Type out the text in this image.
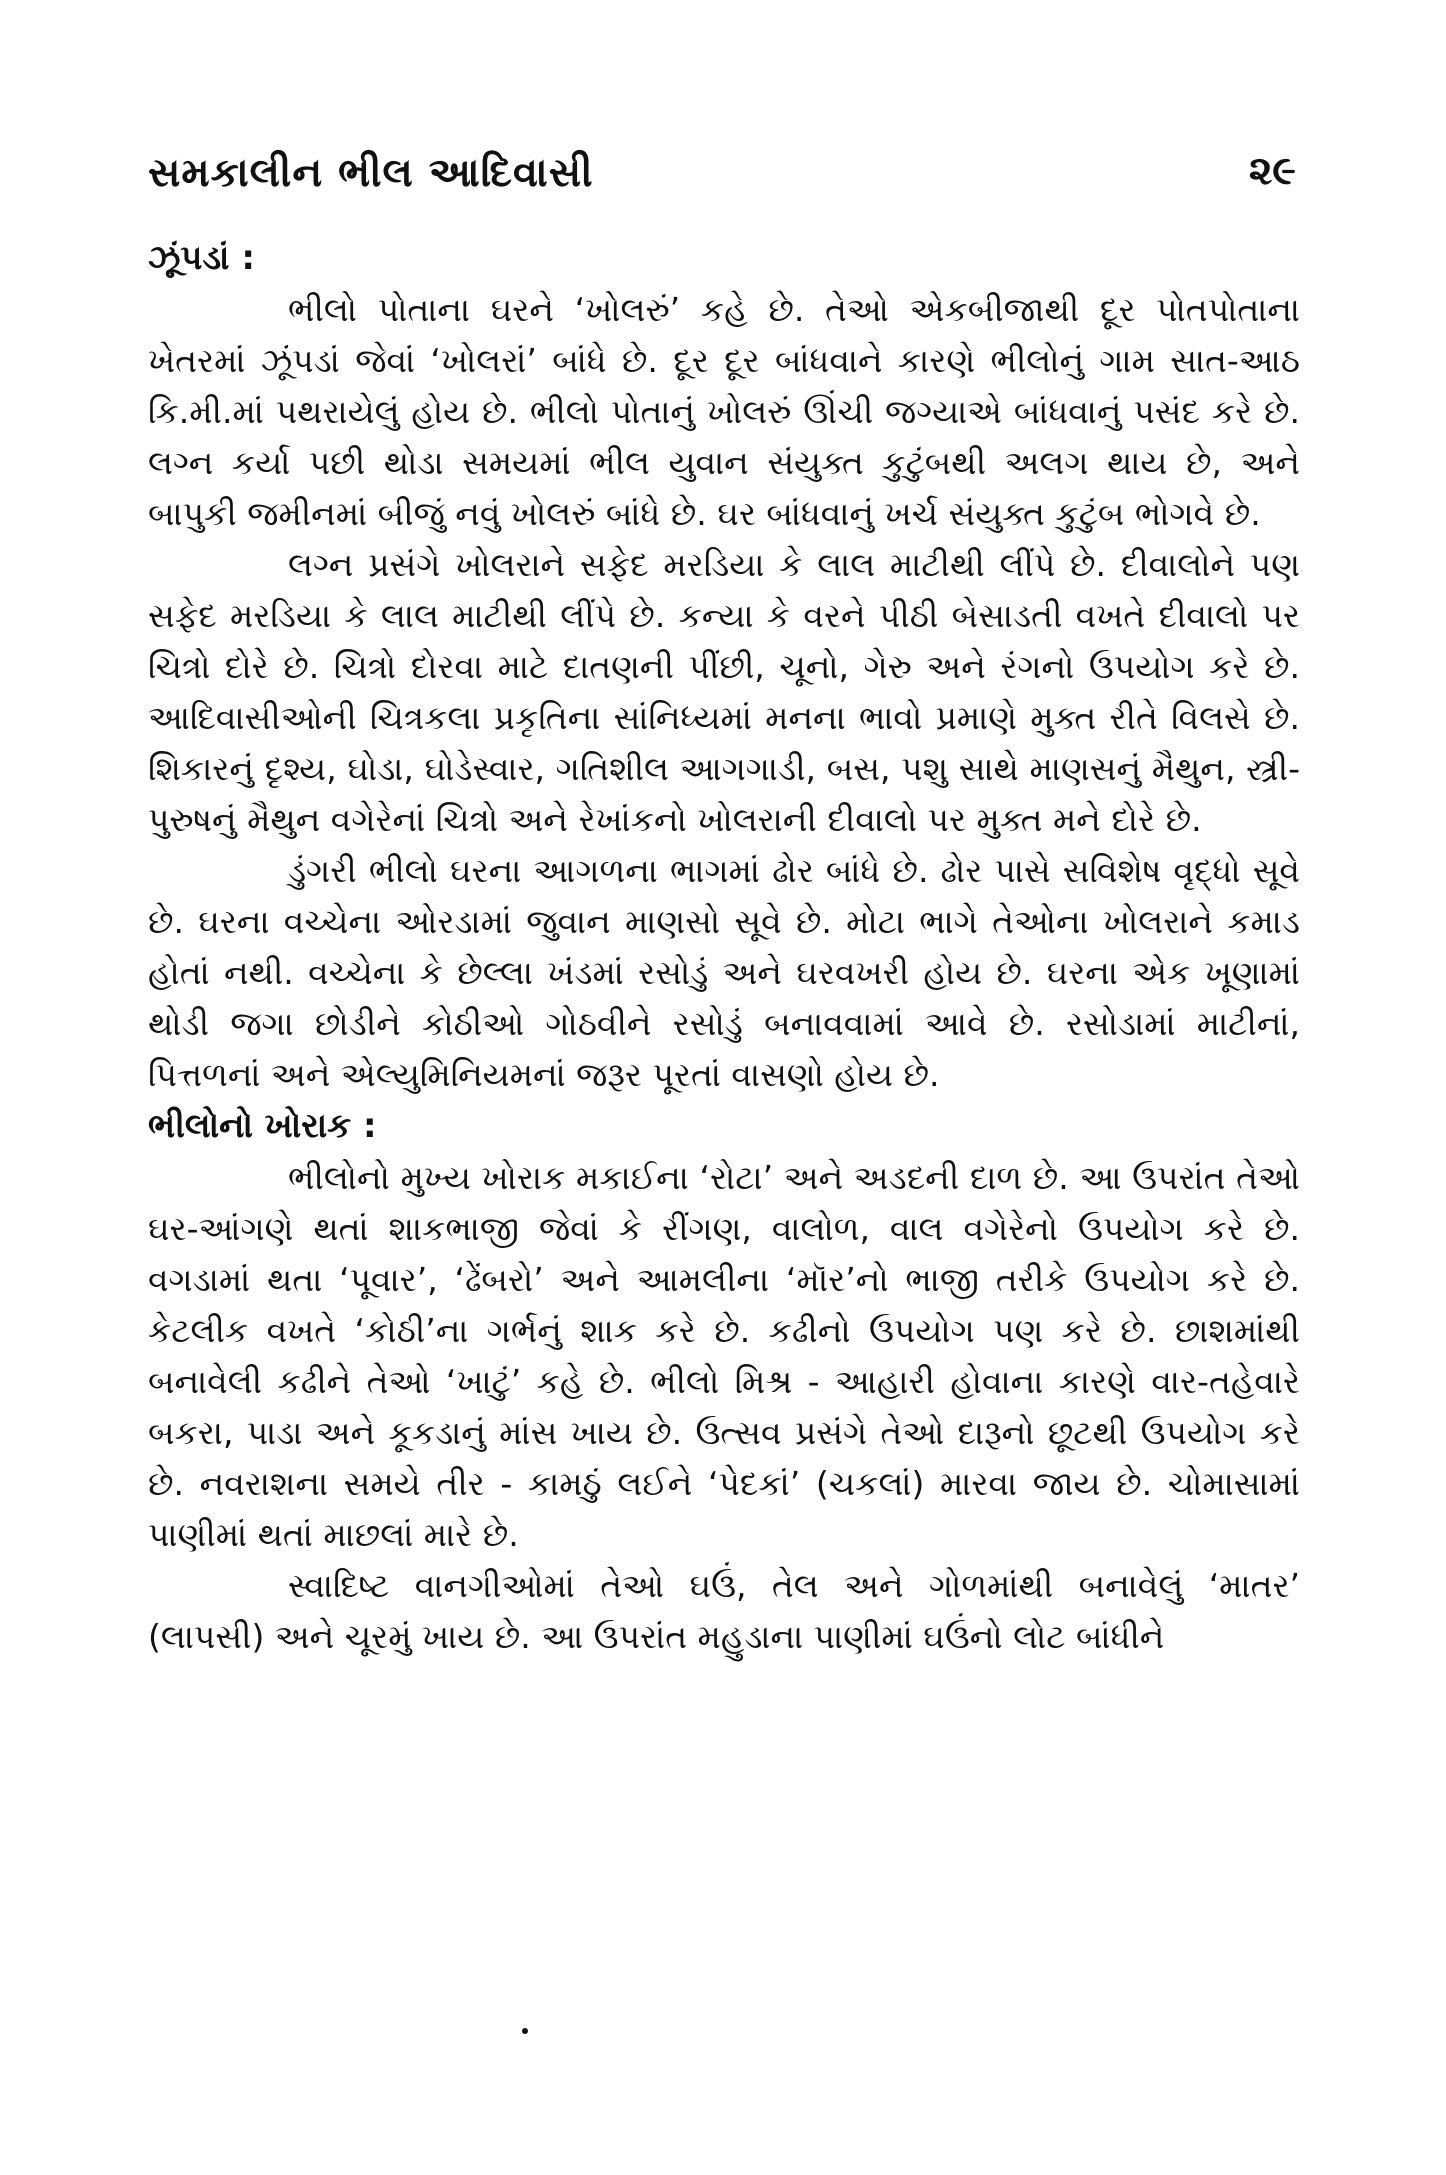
સમકાલીન ભીલ આદિવાસી	૨૯

ઝૂંપડાં :

ભીલો પોતાના ઘરને ‘ખોલરું’ કહે છે. તેઓ એકબીજાથી દૂર પોતપોતાના ખેતરમાં ઝૂંપડાં જેવાં ‘ખોલરાં’ બાંધે છે. દૂર દૂર બાંધવાને કારણે ભીલોનું ગામ સાત-આઠ કિ.મી.માં પથરાયેલું હોય છે. ભીલો પોતાનું ખોલરું ઊંચી જગ્યાએ બાંધવાનું પસંદ કરે છે. લગ્ન કર્યા પછી થોડા સમયમાં ભીલ યુવાન સંયુક્ત કુટુંબથી અલગ થાય છે, અને બાપુકી જમીનમાં બીજું નવું ખોલરું બાંધે છે. ઘર બાંધવાનું ખર્ચ સંયુક્ત કુટુંબ ભોગવે છે.

લગ્ન પ્રસંગે ખોલરાને સફેદ મરડિયા કે લાલ માટીથી લીંપે છે. દીવાલોને પણ સફેદ મરડિયા કે લાલ માટીથી લીંપે છે. કન્યા કે વરને પીઠી બેસાડતી વખતે દીવાલો પર ચિત્રો દોરે છે. ચિત્રો દોરવા માટે દાતણની પીંછી, ચૂનો, ગેરુ અને રંગનો ઉપયોગ કરે છે. આદિવાસીઓની ચિત્રકલા પ્રકૃતિના સાંનિધ્યમાં મનના ભાવો પ્રમાણે મુક્ત રીતે વિલસે છે. શિકારનું દૃશ્ય, ઘોડા, ઘોડેસ્વાર, ગતિશીલ આગગાડી, બસ, પશુ સાથે માણસનું મૈથુન, સ્ત્રી-પુરુષનું મૈથુન વગેરેનાં ચિત્રો અને રેખાંકનો ખોલરાની દીવાલો પર મુક્ત મને દોરે છે.

ડુંગરી ભીલો ઘરના આગળના ભાગમાં ઢોર બાંધે છે. ઢોર પાસે સવિશેષ વૃદ્ધો સૂવે છે. ઘરના વચ્ચેના ઓરડામાં જુવાન માણસો સૂવે છે. મોટા ભાગે તેઓના ખોલરાને કમાડ હોતાં નથી. વચ્ચેના કે છેલ્લા ખંડમાં રસોડું અને ઘરવખરી હોય છે. ઘરના એક ખૂણામાં થોડી જગા છોડીને કોઠીઓ ગોઠવીને રસોડું બનાવવામાં આવે છે. રસોડામાં માટીનાં, પિત્તળનાં અને એલ્યુમિનિયમનાં જરૂર પૂરતાં વાસણો હોય છે.

ભીલોનો ખોરાક :

ભીલોનો મુખ્ય ખોરાક મકાઈના ‘રોટા’ અને અડદની દાળ છે. આ ઉપરાંત તેઓ ઘર-આંગણે થતાં શાકભાજી જેવાં કે રીંગણ, વાલોળ, વાલ વગેરેનો ઉપયોગ કરે છે. વગડામાં થતા ‘પૂવાર’, ‘ઢેંબરો’ અને આમલીના ‘મૉર’નો ભાજી તરીકે ઉપયોગ કરે છે. કેટલીક વખતે ‘કોઠી’ના ગર્ભનું શાક કરે છે. કઢીનો ઉપયોગ પણ કરે છે. છાશમાંથી બનાવેલી કઢીને તેઓ ‘ખાટું’ કહે છે. ભીલો મિશ્ર - આહારી હોવાના કારણે વાર-તહેવારે બકરા, પાડા અને કૂકડાનું માંસ ખાય છે. ઉત્સવ પ્રસંગે તેઓ દારૂનો છૂટથી ઉપયોગ કરે છે. નવરાશના સમયે તીર - કામઠું લઈને ‘પેદકાં’ (ચકલાં) મારવા જાય છે. ચોમાસામાં પાણીમાં થતાં માછલાં મારે છે.

સ્વાદિષ્ટ વાનગીઓમાં તેઓ ઘઉં, તેલ અને ગોળમાંથી બનાવેલું ‘માતર’ (લાપસી) અને ચૂરમું ખાય છે. આ ઉપરાંત મહુડાના પાણીમાં ઘઉંનો લોટ બાંધીને
